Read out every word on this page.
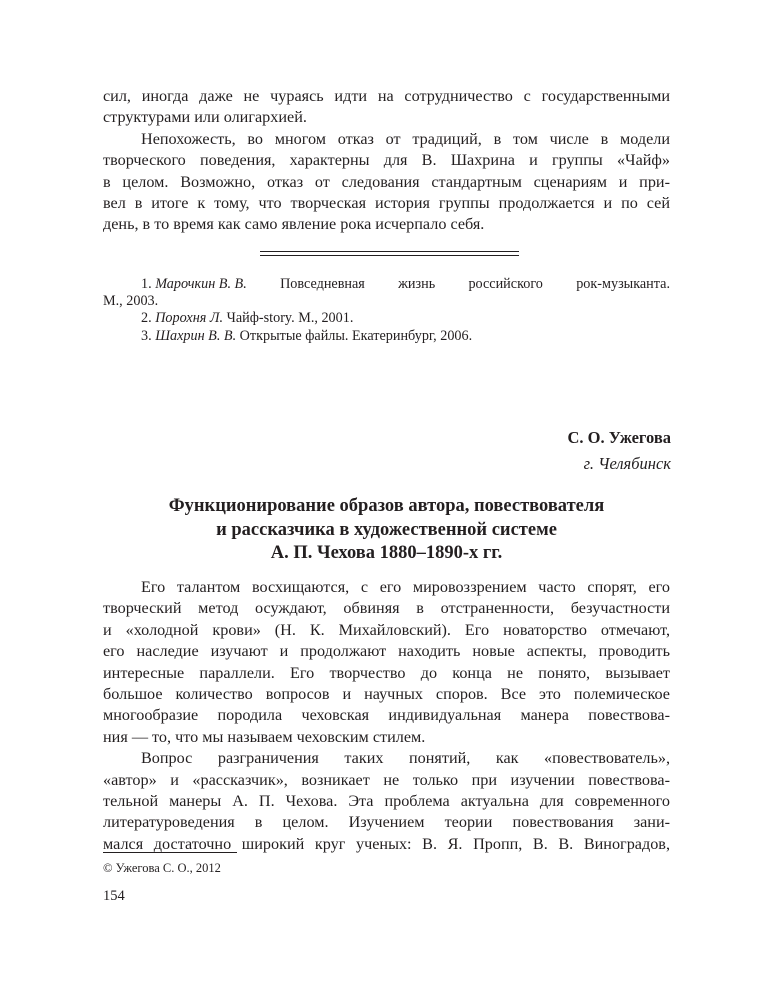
сил, иногда даже не чураясь идти на сотрудничество с государственными
структурами или олигархией.

Непохожесть, во многом отказ от традиций, в том числе в модели
творческого поведения, характерны для В. Шахрина и группы «Чайф»
в целом. Возможно, отказ от следования стандартным сценариям и при-
вел в итоге к тому, что творческая история группы продолжается и по сей
день, в то время как само явление рока исчерпало себя.

1. Марочкин В. В. Повседневная жизнь российского рок-музыканта.
М., 2003.

2. Порохня Л. Чайф-story. М., 2001.

3. Шахрин В. В. Открытые файлы. Екатеринбург, 2006.

С. О. Ужегова

г. Челябинск

Функционирование образов автора, повествователя
и рассказчика в художественной системе
А. П. Чехова 1880–1890-х гг.

Его талантом восхищаются, с его мировоззрением часто спорят, его
творческий метод осуждают, обвиняя в отстраненности, безучастности
и «холодной крови» (Н. К. Михайловский). Его новаторство отмечают,
его наследие изучают и продолжают находить новые аспекты, проводить
интересные параллели. Его творчество до конца не понято, вызывает
большое количество вопросов и научных споров. Все это полемическое
многообразие породила чеховская индивидуальная манера повествова-
ния — то, что мы называем чеховским стилем.

Вопрос разграничения таких понятий, как «повествователь»,
«автор» и «рассказчик», возникает не только при изучении повествова-
тельной манеры А. П. Чехова. Эта проблема актуальна для современного
литературоведения в целом. Изучением теории повествования зани-
мался достаточно широкий круг ученых: В. Я. Пропп, В. В. Виноградов,

© Ужегова С. О., 2012

154
